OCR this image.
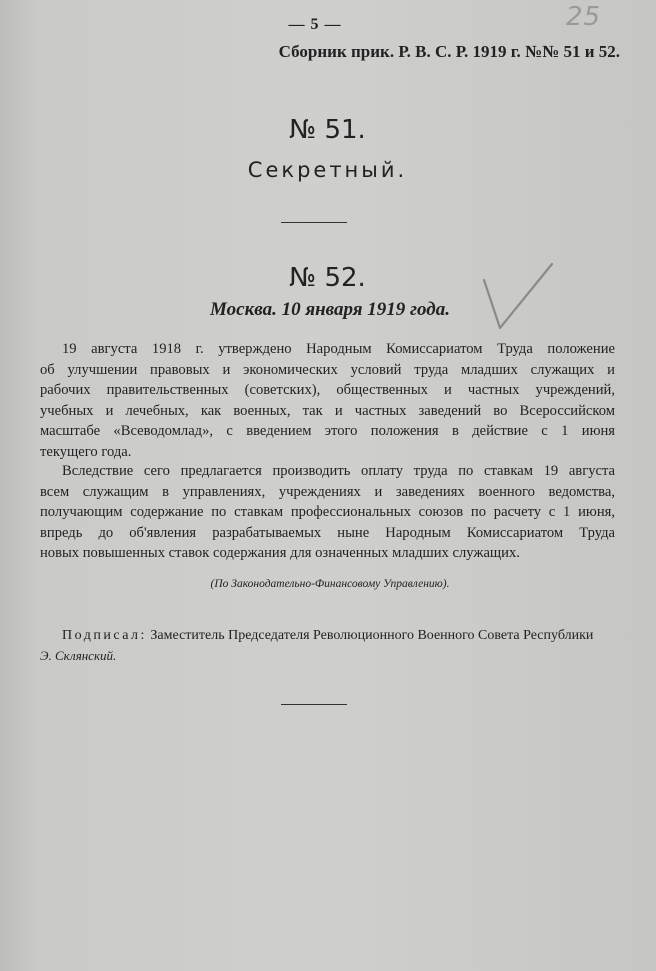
— 5 —	25
Сборник прик. Р. В. С. Р. 1919 г. №№ 51 и 52.
№ 51.
Секретный.
№ 52.
Москва. 10 января 1919 года.
19 августа 1918 г. утверждено Народным Комиссариатом Труда положение
об улучшении правовых и экономических условий труда младших служащих и
рабочих правительственных (советских), общественных и частных учреждений,
учебных и лечебных, как военных, так и частных заведений во Всероссийском
масштабе «Всеводомлад», с введением этого положения в действие с 1 июня
текущего года.
Вследствие сего предлагается производить оплату труда по ставкам 19 августа
всем служащим в управлениях, учреждениях и заведениях военного ведомства,
получающим содержание по ставкам профессиональных союзов по расчету с 1 июня,
впредь до об'явления разрабатываемых ныне Народным Комиссариатом Труда
новых повышенных ставок содержания для означенных младших служащих.
(По Законодательно-Финансовому Управлению).
Подписал: Заместитель Председателя Революционного Военного Совета Республики
Э. Склянский.
